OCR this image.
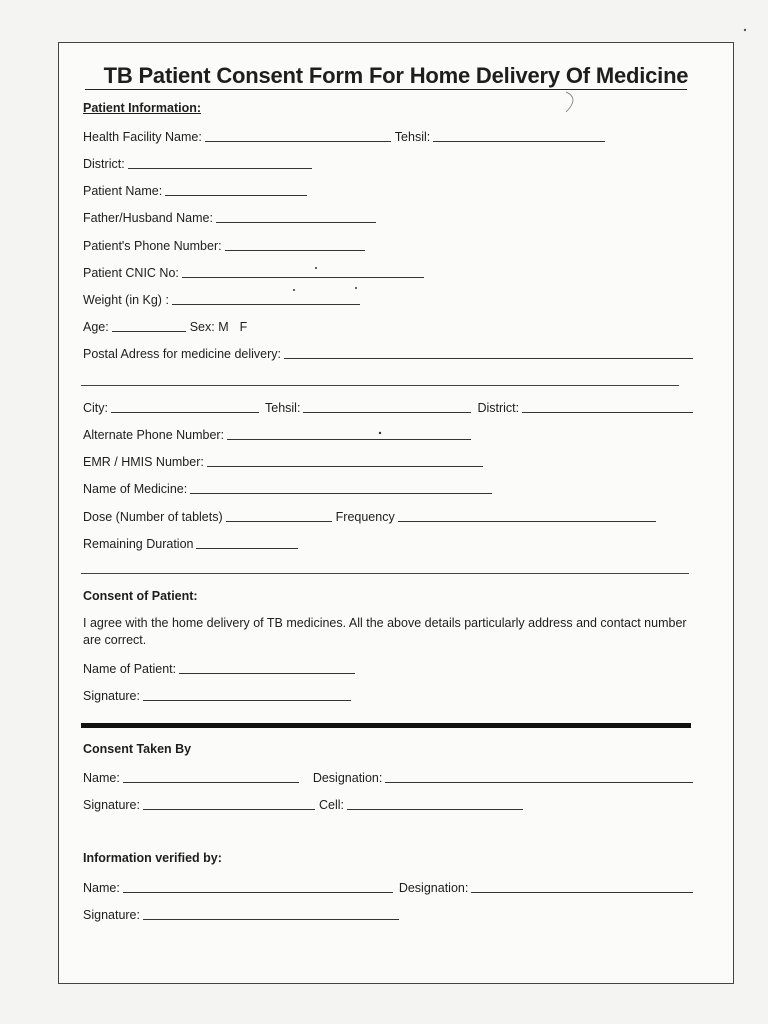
TB Patient Consent Form For Home Delivery Of Medicine
Patient Information:
Health Facility Name:	Tehsil:
District:
Patient Name:
Father/Husband Name:
Patient's Phone Number:
Patient CNIC No:
Weight (in Kg) :
Age:	Sex: M F
Postal Adress for medicine delivery:
City:	Tehsil:	District:
Alternate Phone Number:
EMR / HMIS Number:
Name of Medicine:
Dose (Number of tablets)	Frequency
Remaining Duration
Consent of Patient:
I agree with the home delivery of TB medicines. All the above details particularly address and contact number are correct.
Name of Patient:
Signature:
Consent Taken By
Name:	Designation:
Signature:	Cell:
Information verified by:
Name:	Designation:
Signature:
